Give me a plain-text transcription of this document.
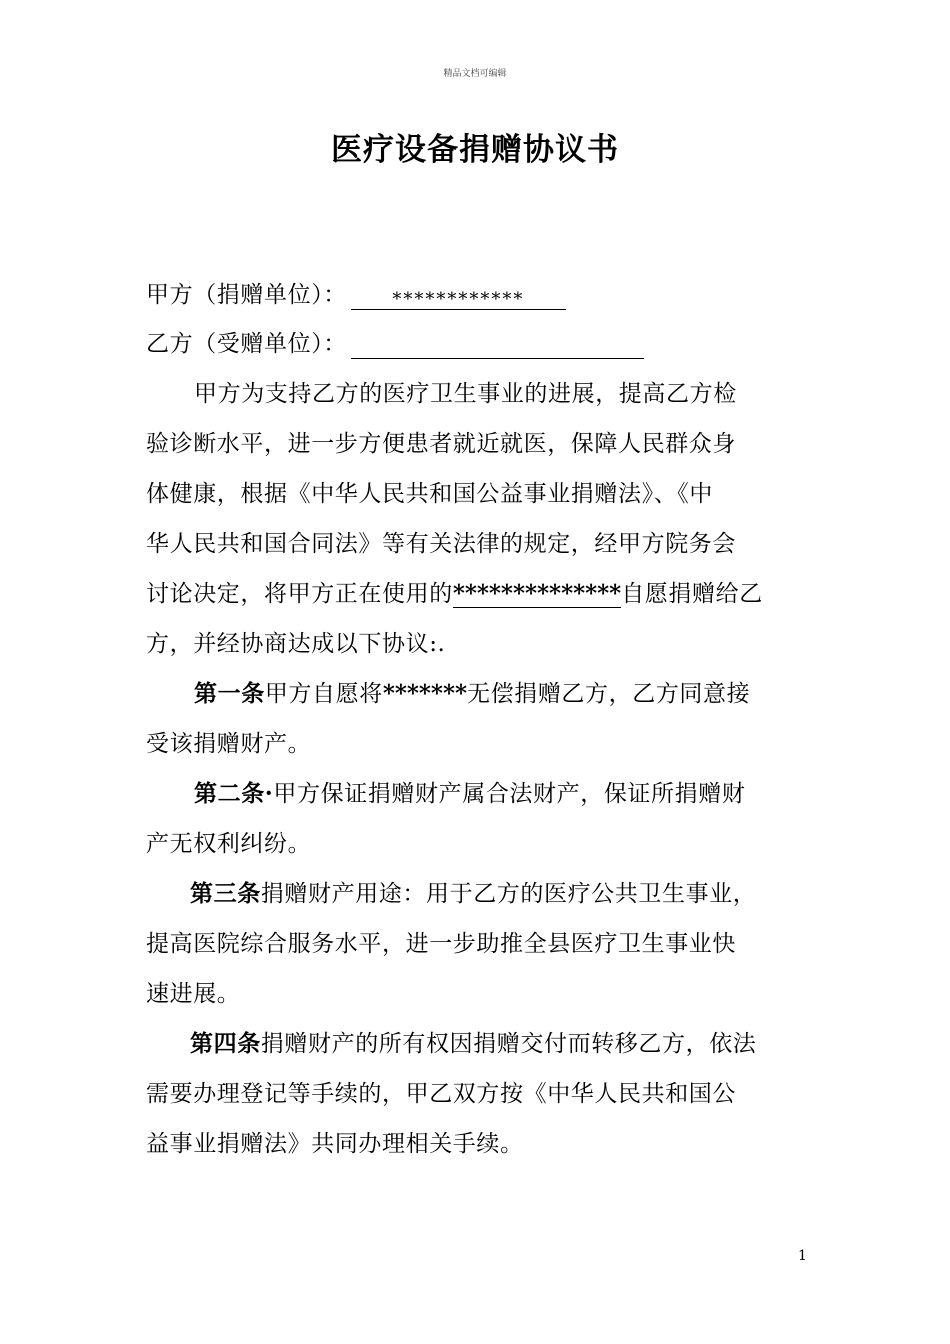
精品文档可编辑
医疗设备捐赠协议书
甲方（捐赠单位）：	************
乙方（受赠单位）：
甲方为支持乙方的医疗卫生事业的进展，提高乙方检
验诊断水平，进一步方便患者就近就医，保障人民群众身
体健康，根据《中华人民共和国公益事业捐赠法》、《中
华人民共和国合同法》等有关法律的规定，经甲方院务会
讨论决定，将甲方正在使用的**************自愿捐赠给乙
方，并经协商达成以下协议:.
第一条甲方自愿将*******无偿捐赠乙方，乙方同意接
受该捐赠财产。
第二条·甲方保证捐赠财产属合法财产，保证所捐赠财
产无权利纠纷。
第三条捐赠财产用途：用于乙方的医疗公共卫生事业，
提高医院综合服务水平，进一步助推全县医疗卫生事业快
速进展。
第四条捐赠财产的所有权因捐赠交付而转移乙方，依法
需要办理登记等手续的，甲乙双方按《中华人民共和国公
益事业捐赠法》共同办理相关手续。
1
